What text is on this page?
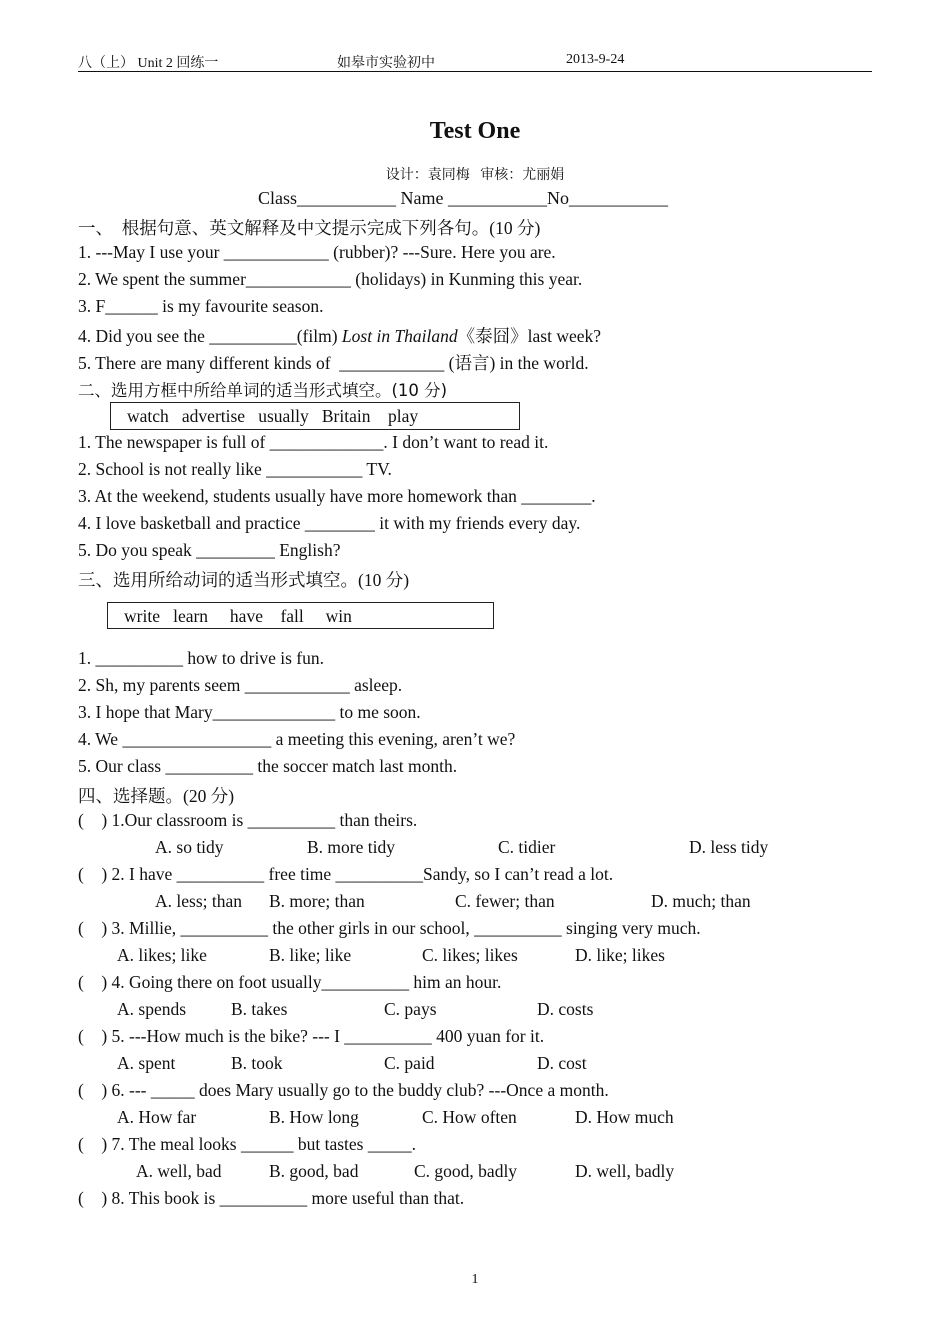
八（上） Unit 2 回练一	如皋市实验初中	2013-9-24
Test One
设计：袁同梅   审核：尤丽娟
Class___________ Name ___________No___________
一、  根据句意、英文解释及中文提示完成下列各句。(10 分)
1. ---May I use your ____________ (rubber)? ---Sure. Here you are.
2. We spent the summer____________ (holidays) in Kunming this year.
3. F______ is my favourite season.
4. Did you see the __________(film) Lost in Thailand《泰囧》last week?
5. There are many different kinds of  ____________ (语言) in the world.
二、选用方框中所给单词的适当形式填空。(10 分)
watch   advertise   usually   Britain    play
1. The newspaper is full of _____________. I don’t want to read it.
2. School is not really like ___________ TV.
3. At the weekend, students usually have more homework than ________.
4. I love basketball and practice ________ it with my friends every day.
5. Do you speak _________ English?
三、选用所给动词的适当形式填空。(10 分)
write   learn     have    fall     win
1. __________ how to drive is fun.
2. Sh, my parents seem ____________ asleep.
3. I hope that Mary______________ to me soon.
4. We _________________ a meeting this evening, aren’t we?
5. Our class __________ the soccer match last month.
四、选择题。(20 分)
(    ) 1.Our classroom is __________ than theirs.
A. so tidy	B. more tidy	C. tidier	D. less tidy
(    ) 2. I have __________ free time __________Sandy, so I can’t read a lot.
A. less; than B. more; than	C. fewer; than	D. much; than
(    ) 3. Millie, __________ the other girls in our school, __________ singing very much.
A. likes; like	B. like; like	C. likes; likes	D. like; likes
(    ) 4. Going there on foot usually__________ him an hour.
A. spends	B. takes	C. pays	D. costs
(    ) 5. ---How much is the bike? --- I __________ 400 yuan for it.
A. spent	B. took	C. paid	D. cost
(    ) 6. --- _____ does Mary usually go to the buddy club? ---Once a month.
A. How far	B. How long	C. How often	D. How much
(    ) 7. The meal looks ______ but tastes _____.
A. well, bad	B. good, bad	C. good, badly	D. well, badly
(    ) 8. This book is __________ more useful than that.
1
